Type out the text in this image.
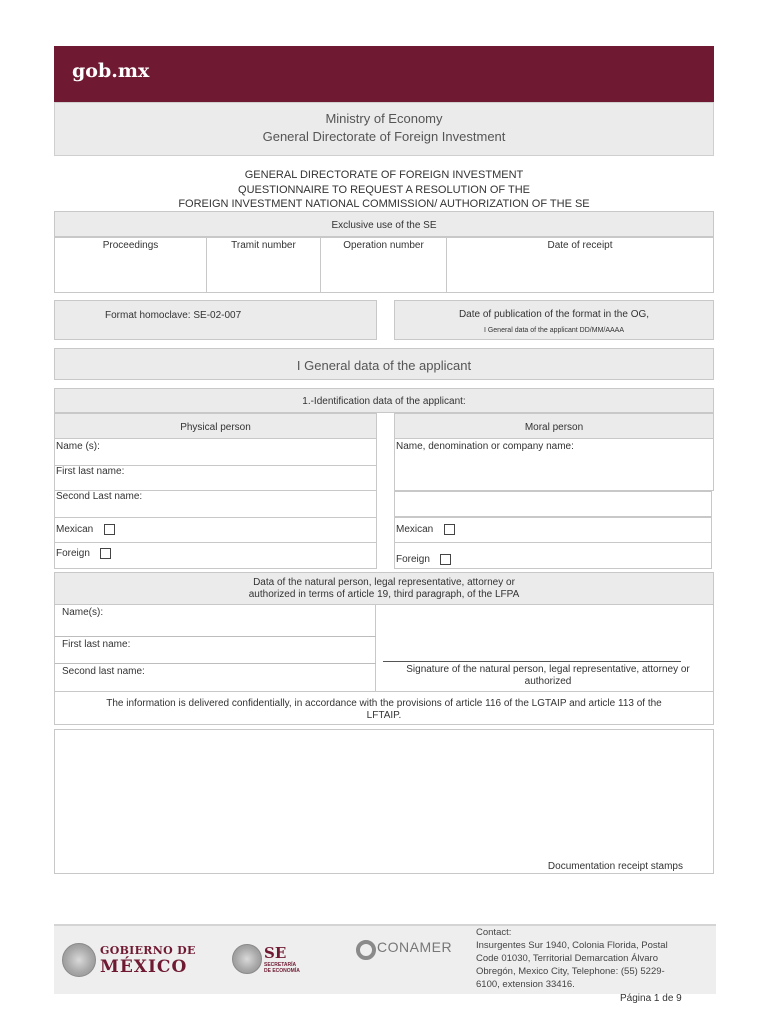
gob.mx
Ministry of Economy
General Directorate of Foreign Investment
GENERAL DIRECTORATE OF FOREIGN INVESTMENT
QUESTIONNAIRE TO REQUEST A RESOLUTION OF THE
FOREIGN INVESTMENT NATIONAL COMMISSION/ AUTHORIZATION OF THE SE
Exclusive use of the SE
Proceedings	Tramit number	Operation number	Date of receipt
Format homoclave: SE-02-007	Date of publication of the format in the OG,
I General data of the applicant DD/MM/AAAA
I General data of the applicant
1.-Identification data of the applicant:
Physical person
Name (s):
First last name:
Second Last name:
Mexican
Foreign
Moral person
Name, denomination or company name:
Mexican
Foreign
Data of the natural person, legal representative, attorney or
authorized in terms of article 19, third paragraph, of the LFPA
Name(s):
First last name:
Second last name:	Signature of the natural person, legal representative, attorney or
authorized
The information is delivered confidentially, in accordance with the provisions of article 116 of the LGTAIP and article 113 of the
LFTAIP.
Documentation receipt stamps
GOBIERNO DE
MÉXICO
SE
SECRETARÍA DE ECONOMÍA
CONAMER
Contact:
Insurgentes Sur 1940, Colonia Florida, Postal
Code 01030, Territorial Demarcation Álvaro
Obregón, Mexico City, Telephone: (55) 5229-
6100, extension 33416.
Página 1 de 9
